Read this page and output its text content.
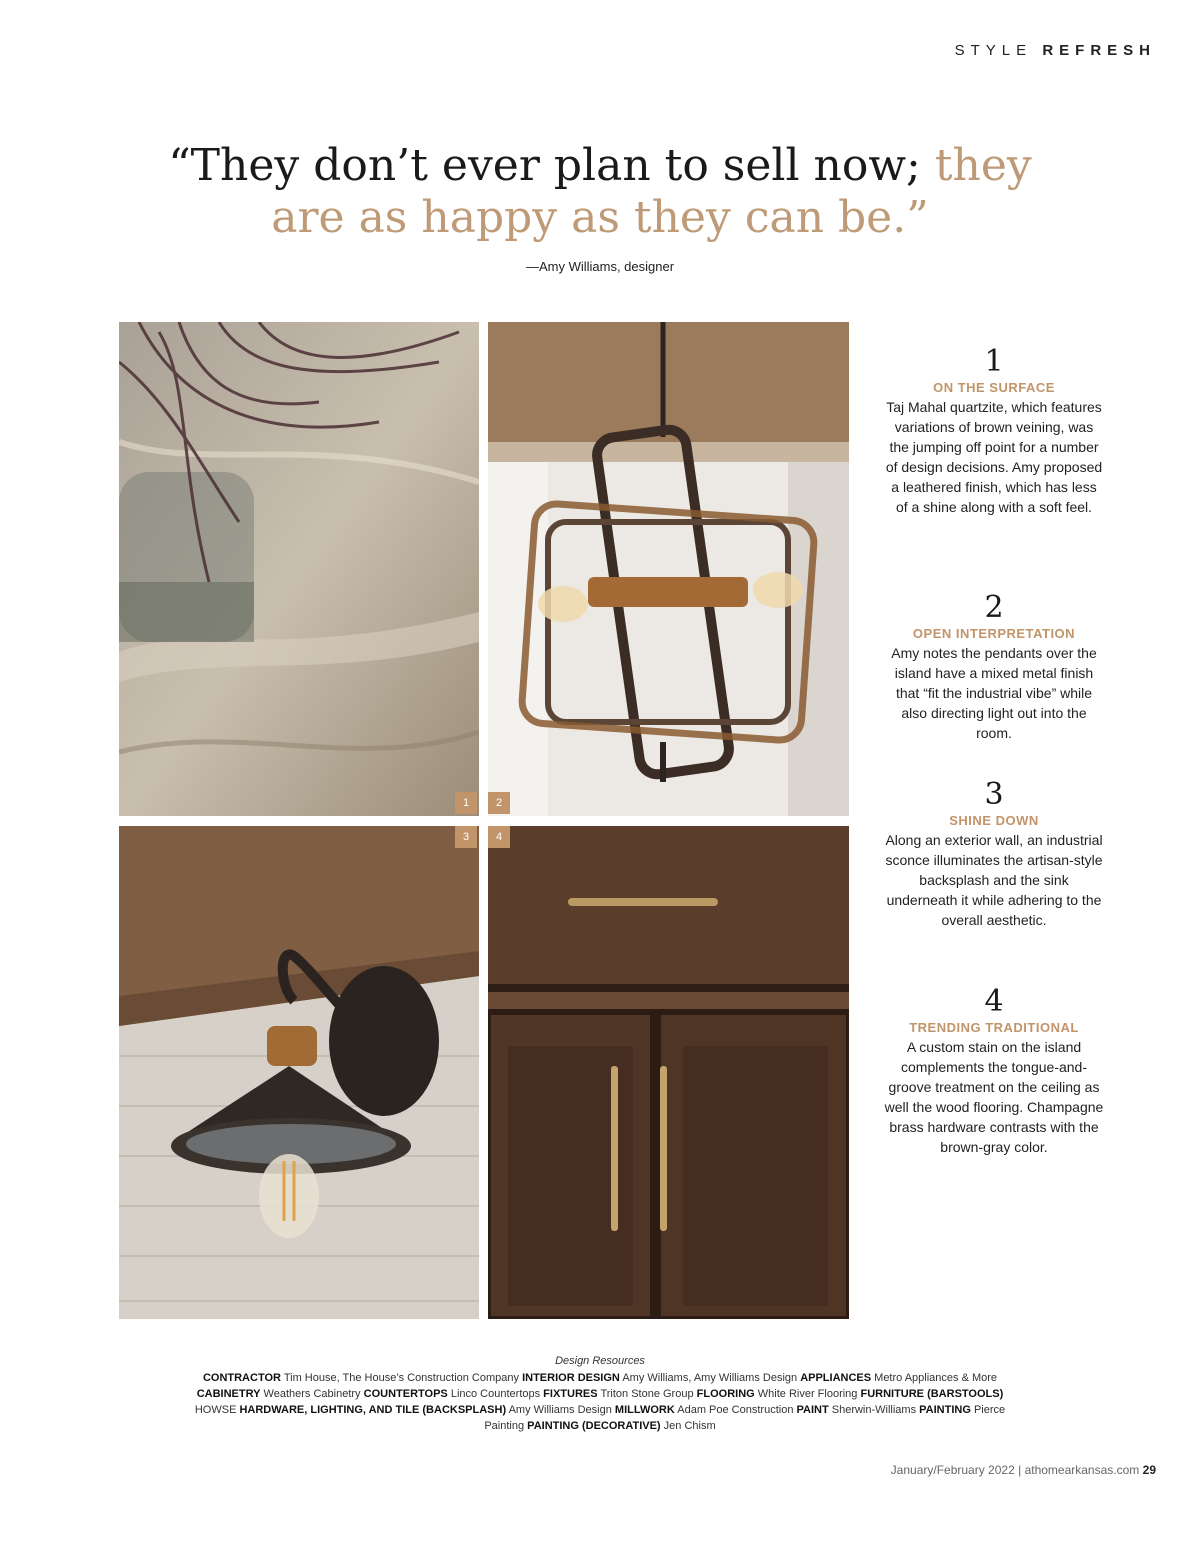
STYLE REFRESH
“They don’t ever plan to sell now; they are as happy as they can be.”
—Amy Williams, designer
1	2
3	4
1
ON THE SURFACE
Taj Mahal quartzite, which features variations of brown veining, was the jumping off point for a number of design decisions. Amy proposed a leathered finish, which has less of a shine along with a soft feel.
2
OPEN INTERPRETATION
Amy notes the pendants over the island have a mixed metal finish that “fit the industrial vibe” while also directing light out into the room.
3
SHINE DOWN
Along an exterior wall, an industrial sconce illuminates the artisan-style backsplash and the sink underneath it while adhering to the overall aesthetic.
4
TRENDING TRADITIONAL
A custom stain on the island complements the tongue-and-groove treatment on the ceiling as well the wood flooring. Champagne brass hardware contrasts with the brown-gray color.
Design Resources
CONTRACTOR Tim House, The House’s Construction Company INTERIOR DESIGN Amy Williams, Amy Williams Design APPLIANCES Metro Appliances & More CABINETRY Weathers Cabinetry COUNTERTOPS Linco Countertops FIXTURES Triton Stone Group FLOORING White River Flooring FURNITURE (BARSTOOLS) HOWSE HARDWARE, LIGHTING, AND TILE (BACKSPLASH) Amy Williams Design MILLWORK Adam Poe Construction PAINT Sherwin-Williams PAINTING Pierce Painting PAINTING (DECORATIVE) Jen Chism
January/February 2022 | athomearkansas.com 29
